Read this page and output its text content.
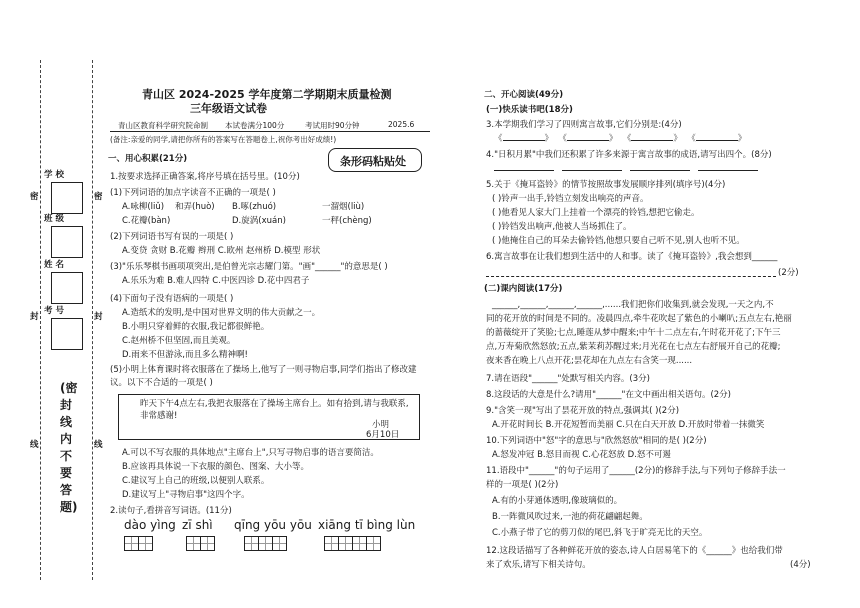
学 校
班 级
姓 名
考 号
密	密
封	封
线	线
(密封线内不要答题)
青山区 2024-2025 学年度第二学期期末质量检测
三年级语文试卷
青山区教育科学研究院命制 本试卷满分100分	考试用时90分钟	2025.6
(备注:亲爱的同学,请把你所有的答案写在答题卷上,祝你考出好成绩!)
条形码粘贴处
一、用心积累(21分)
1.按要求选择正确答案,将序号填在括号里。(10分)
(1)下列词语的加点字读音不正确的一项是( )
A.咏柳(liǔ) 和弄(huò) B.啄(zhuó)	一溜烟(liù)
C.花瓣(bàn)	D.旋涡(xuán)	一秤(chèng)
(2)下列词语书写有误的一项是( )
A.变贷 贪财 B.花瓣 辫刑 C.欧州 赵州桥 D.模型 形状
(3)"乐乐琴棋书画项项突出,是伯曾光宗志耀门第。"画"______"的意思是( )
A.乐乐为难 B.难人四特 C.中医四诊 D.花中四君子
(4)下面句子没有语病的一项是( )
A.造纸术的发明,是中国对世界文明的伟大贡献之一。
B.小明只穿着鲜的衣服,我记都很鲜艳。
C.赵州桥不但坚固,而且美观。
D.雨来不但游泳,而且多么精神啊!
(5)小明上体育课时将衣服落在了操场上,他写了一则寻物启事,同学们指出了修改建议。以下不合适的一项是( )
昨天下午4点左右,我把衣服落在了操场主席台上。如有拾到,请与我联系,非常感谢!
小明
6月10日
A.可以不写衣服的具体地点"主席台上",只写寻物启事的语言要简洁。
B.应该再具体说一下衣服的颜色、图案、大小等。
C.建议写上自己的班级,以便别人联系。
D.建议写上"寻物启事"这四个字。
2.读句子,看拼音写词语。(11分)
dào yìng zī shì qīng yōu yōu xiāng tī bìng lùn
二、开心阅读(49分)
(一)快乐读书吧(18分)
3.本学期我们学习了四则寓言故事,它们分别是:(4分)
《	》  《	》  《	》  《	》
4."日积月累"中我们还积累了许多来源于寓言故事的成语,请写出四个。(8分)

5.关于《掩耳盗铃》的情节按照故事发展顺序排列(填序号)(4分)
( )铃声一出手,铃铛立刻发出响亮的声音。
( )他看见人家大门上挂着一个漂亮的铃铛,想把它偷走。
( )铃铛发出响声,他被人当场抓住了。
( )他掩住自己的耳朵去偷铃铛,他想只要自己听不见,别人也听不见。
6.寓言故事在让我们想到生活中的人和事。读了《掩耳盗铃》,我会想到______
(2分)
(二)课内阅读(17分)
______,______,______,______,......我们把你们收集到,就会发现,一天之内,不
同的花开放的时间是不同的。凌晨四点,牵牛花吹起了紫色的小喇叭;五点左右,艳丽
的蔷薇绽开了笑脸;七点,睡莲从梦中醒来;中午十二点左右,午时花开花了;下午三
点,万寿菊欣然怒放;五点,紫茉莉苏醒过来;月光花在七点左右舒展开自己的花瓣;
夜来香在晚上八点开花;昙花却在九点左右含笑一现......
7.请在语段"______"处默写相关内容。(3分)
8.这段话的大意是什么?请用"______"在文中画出相关语句。(2分)
9."含笑一现"写出了昙花开放的特点,强调其( )(2分)
A.开花时间长 B.开花短暂而美丽 C.只在白天开放 D.开放时带着一抹微笑
10.下列词语中"怒"字的意思与"欣然怒放"相同的是( )(2分)
A.怒发冲冠 B.怒目而视 C.心花怒放 D.怒不可遏
11.语段中"______"的句子运用了______(2分)的修辞手法,与下列句子修辞手法一样的一项是( )(2分)
A.有的小芽通体透明,像玻璃似的。
B.一阵微风吹过来,一池的荷花翩翩起舞。
C.小燕子带了它的剪刀似的尾巴,斜飞于旷亮无比的天空。
12.这段话描写了各种鲜花开放的姿态,诗人白居易笔下的《______》也给我们带来了欢乐,请写下相关诗句。	(4分)
